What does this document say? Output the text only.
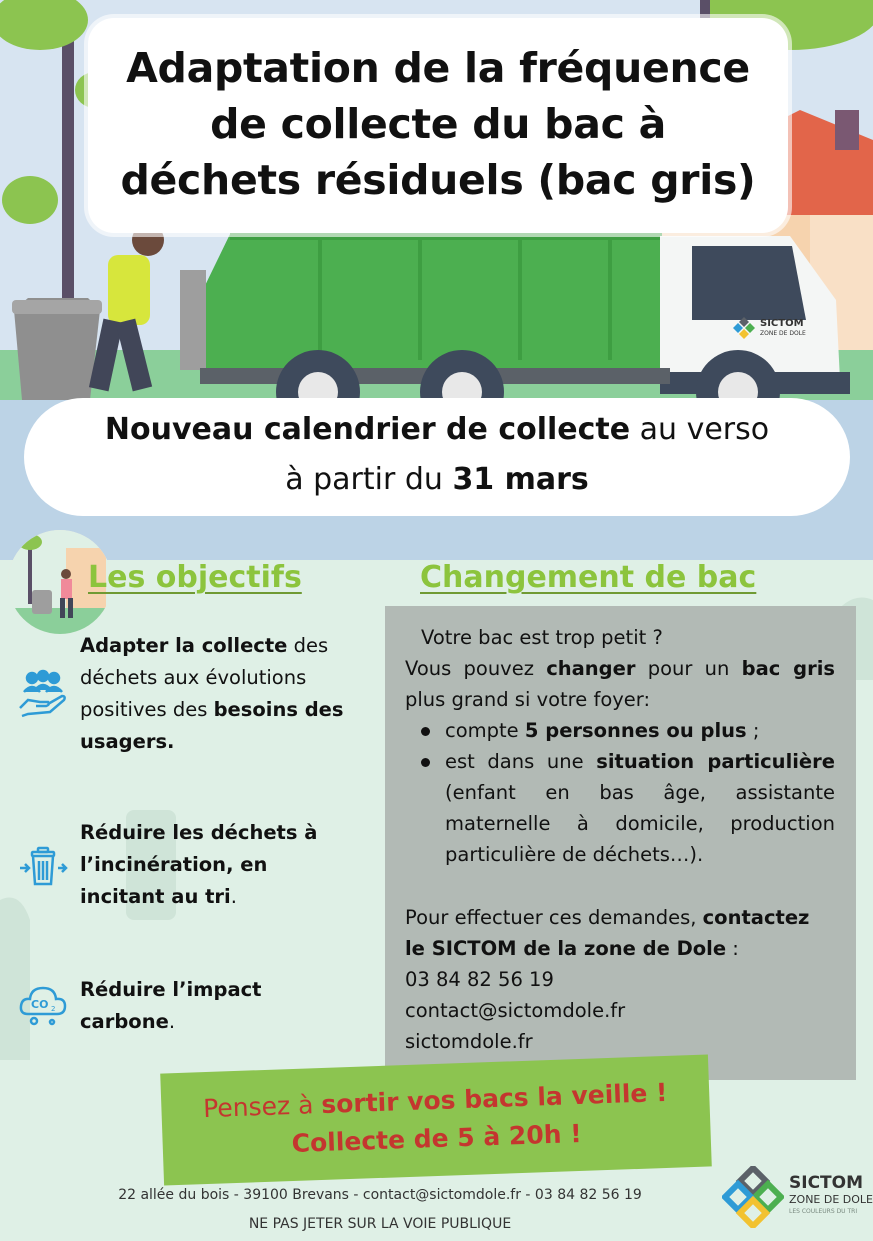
SICTOM
ZONE DE DOLE
Adaptation de la fréquence
de collecte du bac à
déchets résiduels (bac gris)
Nouveau calendrier de collecte au verso
à partir du 31 mars
Les objectifs
Adapter la collecte des déchets aux évolutions positives des besoins des usagers.
Réduire les déchets à l’incinération, en incitant au tri.
CO 2
Réduire l’impact carbone.
Changement de bac
Votre bac est trop petit ?
Vous pouvez changer pour un bac gris plus grand si votre foyer:
compte 5 personnes ou plus ;
est dans une situation particulière (enfant en bas âge, assistante maternelle à domicile, production particulière de déchets…).
Pour effectuer ces demandes, contactez le SICTOM de la zone de Dole :
03 84 82 56 19
contact@sictomdole.fr
sictomdole.fr
Pensez à sortir vos bacs la veille !
Collecte de 5 à 20h !
22 allée du bois - 39100 Brevans - contact@sictomdole.fr - 03 84 82 56 19
NE PAS JETER SUR LA VOIE PUBLIQUE
SICTOM
ZONE DE DOLE
LES COULEURS DU TRI
